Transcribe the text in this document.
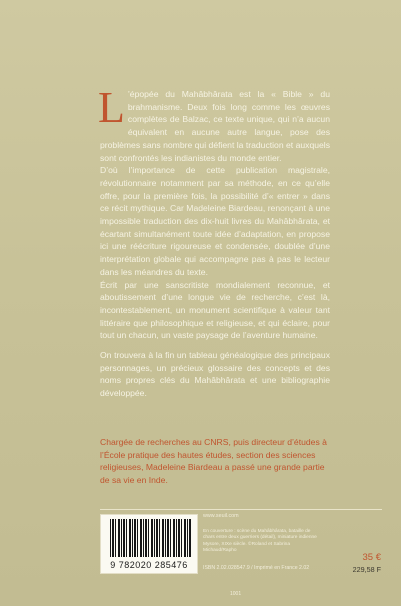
L ’épopée du Mahâbhârata est la « Bible » du brahmanisme. Deux fois long comme les œuvres complètes de Balzac, ce texte unique, qui n’a aucun équivalent en aucune autre langue, pose des problèmes sans nombre qui défient la traduction et auxquels sont confrontés les indianistes du monde entier.

D’où l’importance de cette publication magistrale, révolutionnaire notamment par sa méthode, en ce qu’elle offre, pour la première fois, la possibilité d’« entrer » dans ce récit mythique. Car Madeleine Biardeau, renonçant à une impossible traduction des dix-huit livres du Mahâbhârata, et écartant simultanément toute idée d’adaptation, en propose ici une réécriture rigoureuse et condensée, doublée d’une interprétation globale qui accompagne pas à pas le lecteur dans les méandres du texte.

Écrit par une sanscritiste mondialement reconnue, et aboutissement d’une longue vie de recherche, c’est là, incontestablement, un monument scientifique à valeur tant littéraire que philosophique et religieuse, et qui éclaire, pour tout un chacun, un vaste paysage de l’aventure humaine.

On trouvera à la fin un tableau généalogique des principaux personnages, un précieux glossaire des concepts et des noms propres clés du Mahâbhârata et une bibliographie développée.

Chargée de recherches au CNRS, puis directeur d’études à l’École pratique des hautes études, section des sciences religieuses, Madeleine Biardeau a passé une grande partie de sa vie en Inde.
9 782020 285476
www.seuil.com
En couverture : scène du Mahâbhârata, bataille de chars entre deux guerriers (détail), miniature indienne Mysore, XIXe siècle. ©Roland et Sabrina Michaud/Rapho
ISBN 2.02.028547.9 / Imprimé en France 2.02
35 €
229,58 F
1001
